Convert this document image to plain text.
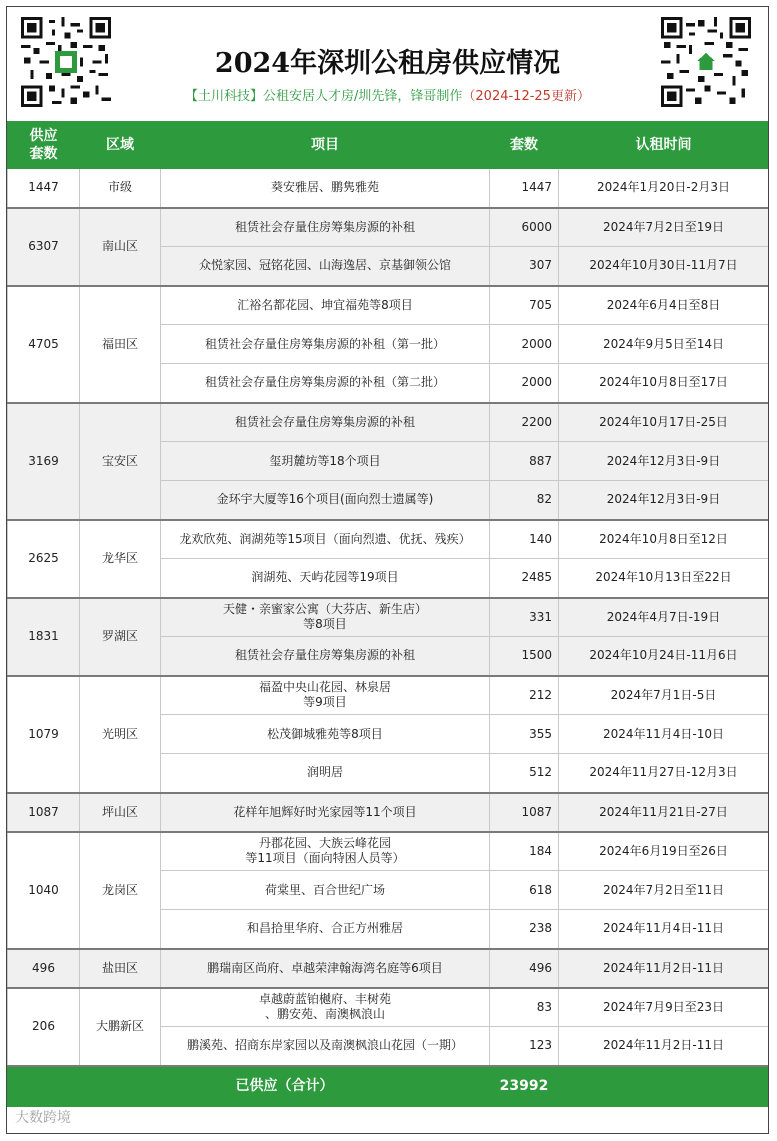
2024年深圳公租房供应情况
【土川科技】公租安居人才房/圳先锋，锋哥制作（2024-12-25更新）
供应套数	区域	项目	套数	认租时间
1447	市级	葵安雅居、鹏隽雅苑	1447	2024年1月20日-2月3日
6307	南山区	租赁社会存量住房筹集房源的补租	6000	2024年7月2日至19日
		众悦家园、冠铭花园、山海逸居、京基御领公馆	307	2024年10月30日-11月7日
4705	福田区	汇裕名都花园、坤宜福苑等8项目	705	2024年6月4日至8日
		租赁社会存量住房筹集房源的补租（第一批）	2000	2024年9月5日至14日
		租赁社会存量住房筹集房源的补租（第二批）	2000	2024年10月8日至17日
3169	宝安区	租赁社会存量住房筹集房源的补租	2200	2024年10月17日-25日
		玺玥麓坊等18个项目	887	2024年12月3日-9日
		金环宇大厦等16个项目(面向烈士遗属等)	82	2024年12月3日-9日
2625	龙华区	龙欢欣苑、润湖苑等15项目（面向烈遗、优抚、残疾）	140	2024年10月8日至12日
		润湖苑、天屿花园等19项目	2485	2024年10月13日至22日
1831	罗湖区	天健・亲蜜家公寓（大芬店、新生店）
等8项目	331	2024年4月7日-19日
		租赁社会存量住房筹集房源的补租	1500	2024年10月24日-11月6日
1079	光明区	福盈中央山花园、林泉居
等9项目	212	2024年7月1日-5日
		松茂御城雅苑等8项目	355	2024年11月4日-10日
		润明居	512	2024年11月27日-12月3日
1087	坪山区	花样年旭辉好时光家园等11个项目	1087	2024年11月21日-27日
1040	龙岗区	丹郡花园、大族云峰花园
等11项目（面向特困人员等）	184	2024年6月19日至26日
		荷棠里、百合世纪广场	618	2024年7月2日至11日
		和昌拾里华府、合正方州雅居	238	2024年11月4日-11日
496	盐田区	鹏瑞南区尚府、卓越荣津翰海湾名庭等6项目	496	2024年11月2日-11日
206	大鹏新区	卓越蔚蓝铂樾府、丰树苑
、鹏安苑、南澳枫浪山	83	2024年7月9日至23日
		鹏溪苑、招商东岸家园以及南澳枫浪山花园（一期）	123	2024年11月2日-11日
	已供应（合计）		23992	
大数跨境
